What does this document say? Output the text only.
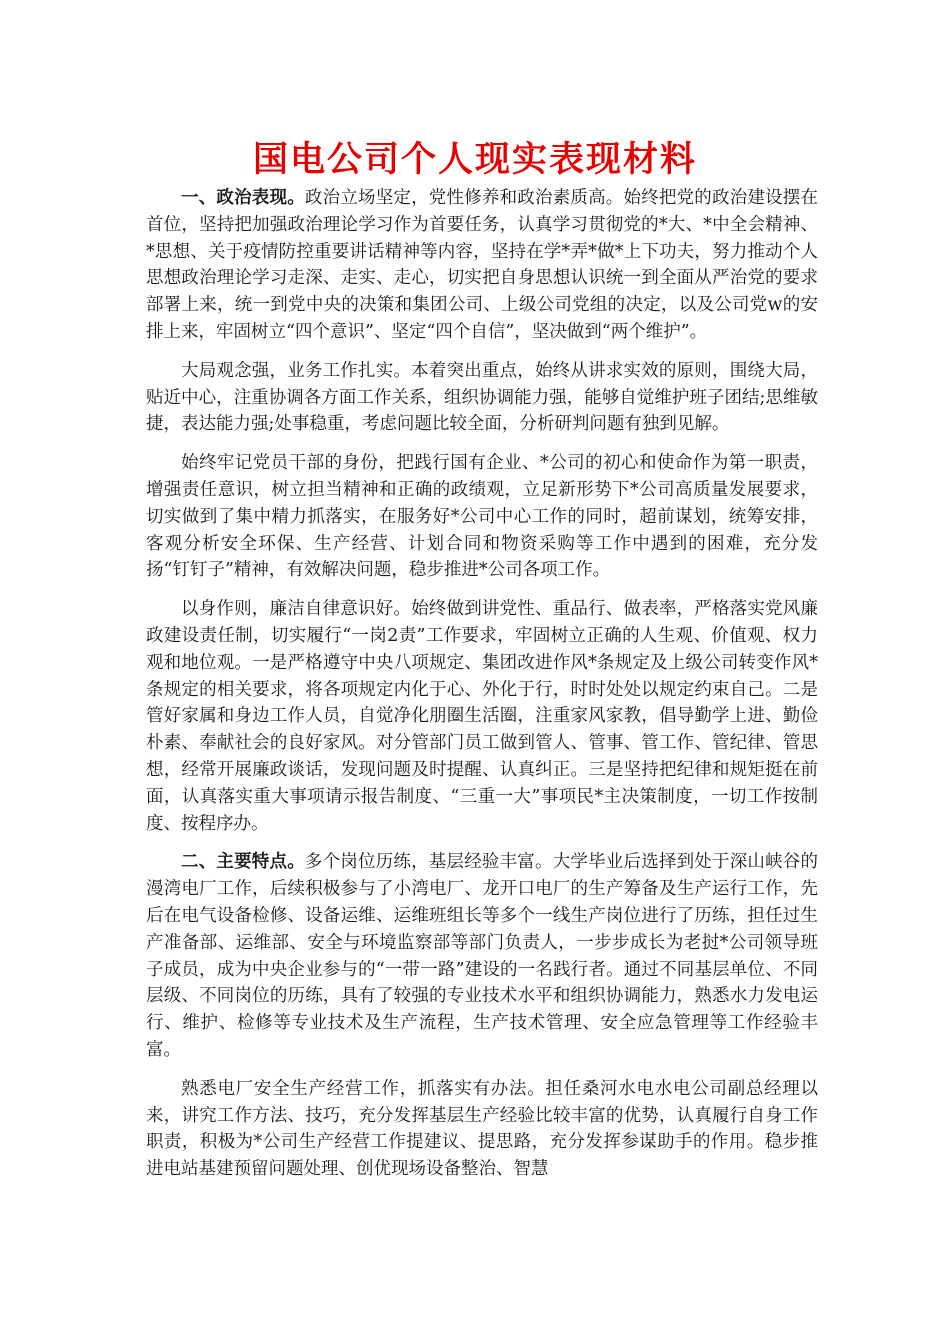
国电公司个人现实表现材料

一、政治表现。政治立场坚定，党性修养和政治素质高。始终把党的政治建设摆在首位，坚持把加强政治理论学习作为首要任务，认真学习贯彻党的*大、*中全会精神、*思想、关于疫情防控重要讲话精神等内容，坚持在学*弄*做*上下功夫，努力推动个人思想政治理论学习走深、走实、走心，切实把自身思想认识统一到全面从严治党的要求部署上来，统一到党中央的决策和集团公司、上级公司党组的决定，以及公司党w的安排上来，牢固树立“四个意识”、坚定“四个自信”，坚决做到“两个维护”。

大局观念强，业务工作扎实。本着突出重点，始终从讲求实效的原则，围绕大局，贴近中心，注重协调各方面工作关系，组织协调能力强，能够自觉维护班子团结;思维敏捷，表达能力强;处事稳重，考虑问题比较全面，分析研判问题有独到见解。

始终牢记党员干部的身份，把践行国有企业、*公司的初心和使命作为第一职责，增强责任意识，树立担当精神和正确的政绩观，立足新形势下*公司高质量发展要求，切实做到了集中精力抓落实，在服务好*公司中心工作的同时，超前谋划，统筹安排，客观分析安全环保、生产经营、计划合同和物资采购等工作中遇到的困难，充分发扬“钉钉子”精神，有效解决问题，稳步推进*公司各项工作。

以身作则，廉洁自律意识好。始终做到讲党性、重品行、做表率，严格落实党风廉政建设责任制，切实履行“一岗2责”工作要求，牢固树立正确的人生观、价值观、权力观和地位观。一是严格遵守中央八项规定、集团改进作风*条规定及上级公司转变作风*条规定的相关要求，将各项规定内化于心、外化于行，时时处处以规定约束自己。二是管好家属和身边工作人员，自觉净化朋圈生活圈，注重家风家教，倡导勤学上进、勤俭朴素、奉献社会的良好家风。对分管部门员工做到管人、管事、管工作、管纪律、管思想，经常开展廉政谈话，发现问题及时提醒、认真纠正。三是坚持把纪律和规矩挺在前面，认真落实重大事项请示报告制度、“三重一大”事项民*主决策制度，一切工作按制度、按程序办。

二、主要特点。多个岗位历练，基层经验丰富。大学毕业后选择到处于深山峡谷的漫湾电厂工作，后续积极参与了小湾电厂、龙开口电厂的生产筹备及生产运行工作，先后在电气设备检修、设备运维、运维班组长等多个一线生产岗位进行了历练，担任过生产准备部、运维部、安全与环境监察部等部门负责人，一步步成长为老挝*公司领导班子成员，成为中央企业参与的“一带一路”建设的一名践行者。通过不同基层单位、不同层级、不同岗位的历练，具有了较强的专业技术水平和组织协调能力，熟悉水力发电运行、维护、检修等专业技术及生产流程，生产技术管理、安全应急管理等工作经验丰富。

熟悉电厂安全生产经营工作，抓落实有办法。担任桑河水电水电公司副总经理以来，讲究工作方法、技巧，充分发挥基层生产经验比较丰富的优势，认真履行自身工作职责，积极为*公司生产经营工作提建议、提思路，充分发挥参谋助手的作用。稳步推进电站基建预留问题处理、创优现场设备整治、智慧
